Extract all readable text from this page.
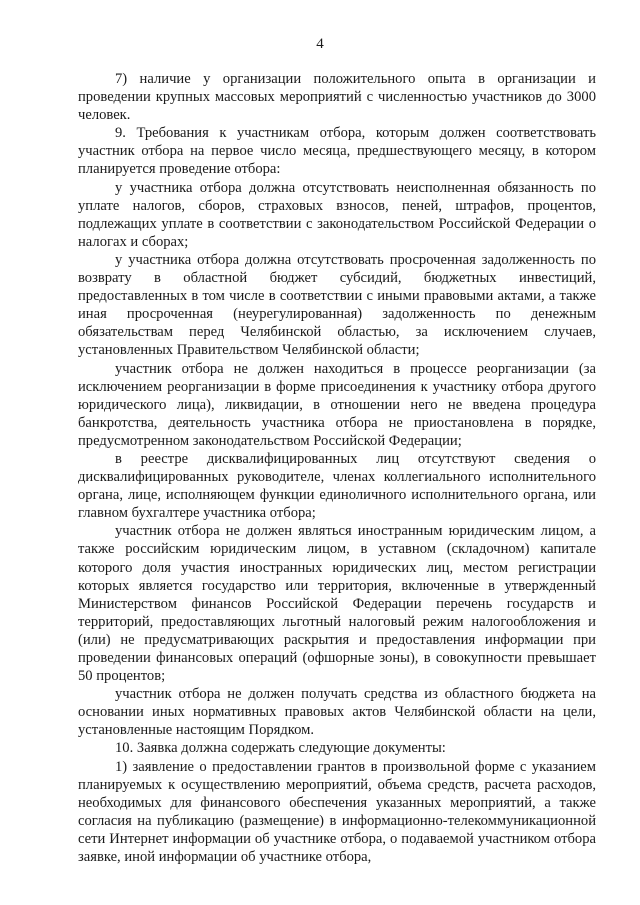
4

7) наличие у организации положительного опыта в организации и проведении крупных массовых мероприятий с численностью участников до 3000 человек.

9. Требования к участникам отбора, которым должен соответствовать участник отбора на первое число месяца, предшествующего месяцу, в котором планируется проведение отбора:

у участника отбора должна отсутствовать неисполненная обязанность по уплате налогов, сборов, страховых взносов, пеней, штрафов, процентов, подлежащих уплате в соответствии с законодательством Российской Федерации о налогах и сборах;

у участника отбора должна отсутствовать просроченная задолженность по возврату в областной бюджет субсидий, бюджетных инвестиций, предоставленных в том числе в соответствии с иными правовыми актами, а также иная просроченная (неурегулированная) задолженность по денежным обязательствам перед Челябинской областью, за исключением случаев, установленных Правительством Челябинской области;

участник отбора не должен находиться в процессе реорганизации (за исключением реорганизации в форме присоединения к участнику отбора другого юридического лица), ликвидации, в отношении него не введена процедура банкротства, деятельность участника отбора не приостановлена в порядке, предусмотренном законодательством Российской Федерации;

в реестре дисквалифицированных лиц отсутствуют сведения о дисквалифицированных руководителе, членах коллегиального исполнительного органа, лице, исполняющем функции единоличного исполнительного органа, или главном бухгалтере участника отбора;

участник отбора не должен являться иностранным юридическим лицом, а также российским юридическим лицом, в уставном (складочном) капитале которого доля участия иностранных юридических лиц, местом регистрации которых является государство или территория, включенные в утвержденный Министерством финансов Российской Федерации перечень государств и территорий, предоставляющих льготный налоговый режим налогообложения и (или) не предусматривающих раскрытия и предоставления информации при проведении финансовых операций (офшорные зоны), в совокупности превышает 50 процентов;

участник отбора не должен получать средства из областного бюджета на основании иных нормативных правовых актов Челябинской области на цели, установленные настоящим Порядком.

10. Заявка должна содержать следующие документы:

1) заявление о предоставлении грантов в произвольной форме с указанием планируемых к осуществлению мероприятий, объема средств, расчета расходов, необходимых для финансового обеспечения указанных мероприятий, а также согласия на публикацию (размещение) в информационно-телекоммуникационной сети Интернет информации об участнике отбора, о подаваемой участником отбора заявке, иной информации об участнике отбора,
